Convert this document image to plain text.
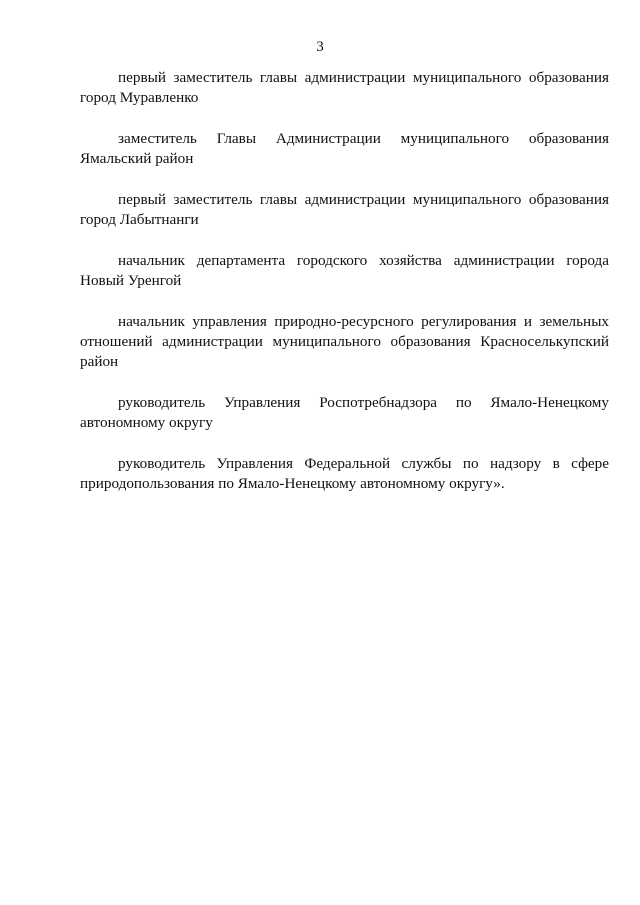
3

первый заместитель главы администрации муниципального образования город Муравленко

заместитель Главы Администрации муниципального образования Ямальский район

первый заместитель главы администрации муниципального образования город Лабытнанги

начальник департамента городского хозяйства администрации города Новый Уренгой

начальник управления природно-ресурсного регулирования и земельных отношений администрации муниципального образования Красноселькупский район

руководитель Управления Роспотребнадзора по Ямало-Ненецкому автономному округу

руководитель Управления Федеральной службы по надзору в сфере природопользования по Ямало-Ненецкому автономному округу».
